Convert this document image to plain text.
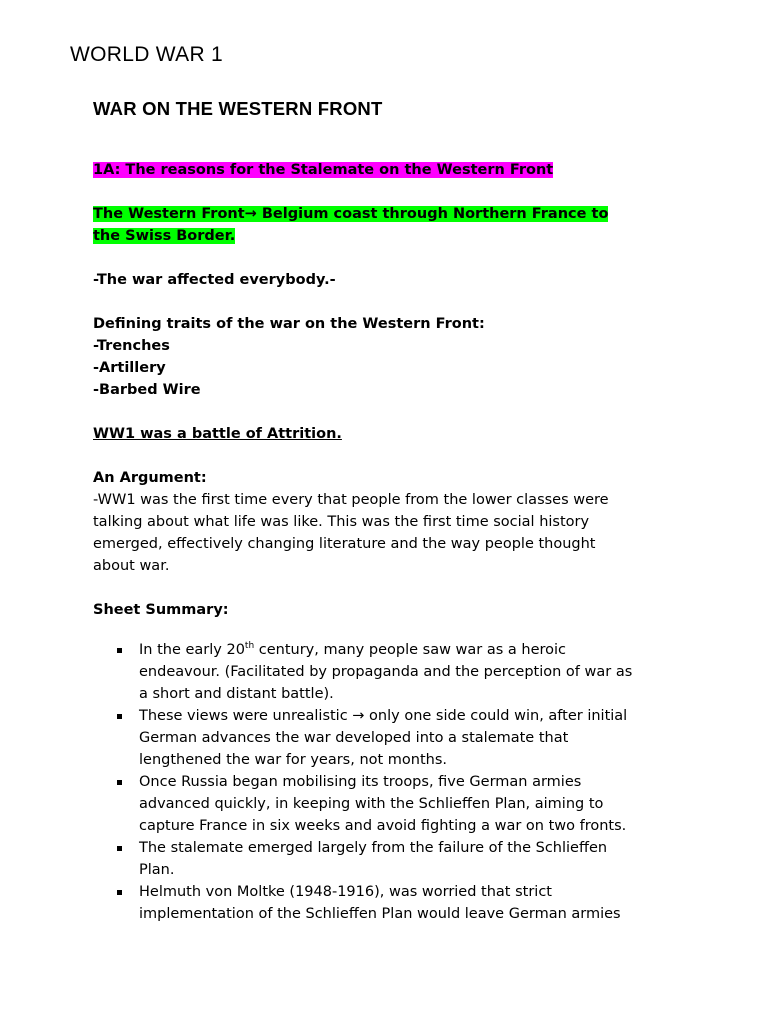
WORLD WAR 1
WAR ON THE WESTERN FRONT
1A: The reasons for the Stalemate on the Western Front
The Western Front→ Belgium coast through Northern France to
the Swiss Border.
-The war affected everybody.-
Defining traits of the war on the Western Front:
-Trenches
-Artillery
-Barbed Wire
WW1 was a battle of Attrition.
An Argument:
-WW1 was the first time every that people from the lower classes were
talking about what life was like. This was the first time social history
emerged, effectively changing literature and the way people thought
about war.
Sheet Summary:
In the early 20th century, many people saw war as a heroic
endeavour. (Facilitated by propaganda and the perception of war as
a short and distant battle).
These views were unrealistic → only one side could win, after initial
German advances the war developed into a stalemate that
lengthened the war for years, not months.
Once Russia began mobilising its troops, five German armies
advanced quickly, in keeping with the Schlieffen Plan, aiming to
capture France in six weeks and avoid fighting a war on two fronts.
The stalemate emerged largely from the failure of the Schlieffen
Plan.
Helmuth von Moltke (1948-1916), was worried that strict
implementation of the Schlieffen Plan would leave German armies
